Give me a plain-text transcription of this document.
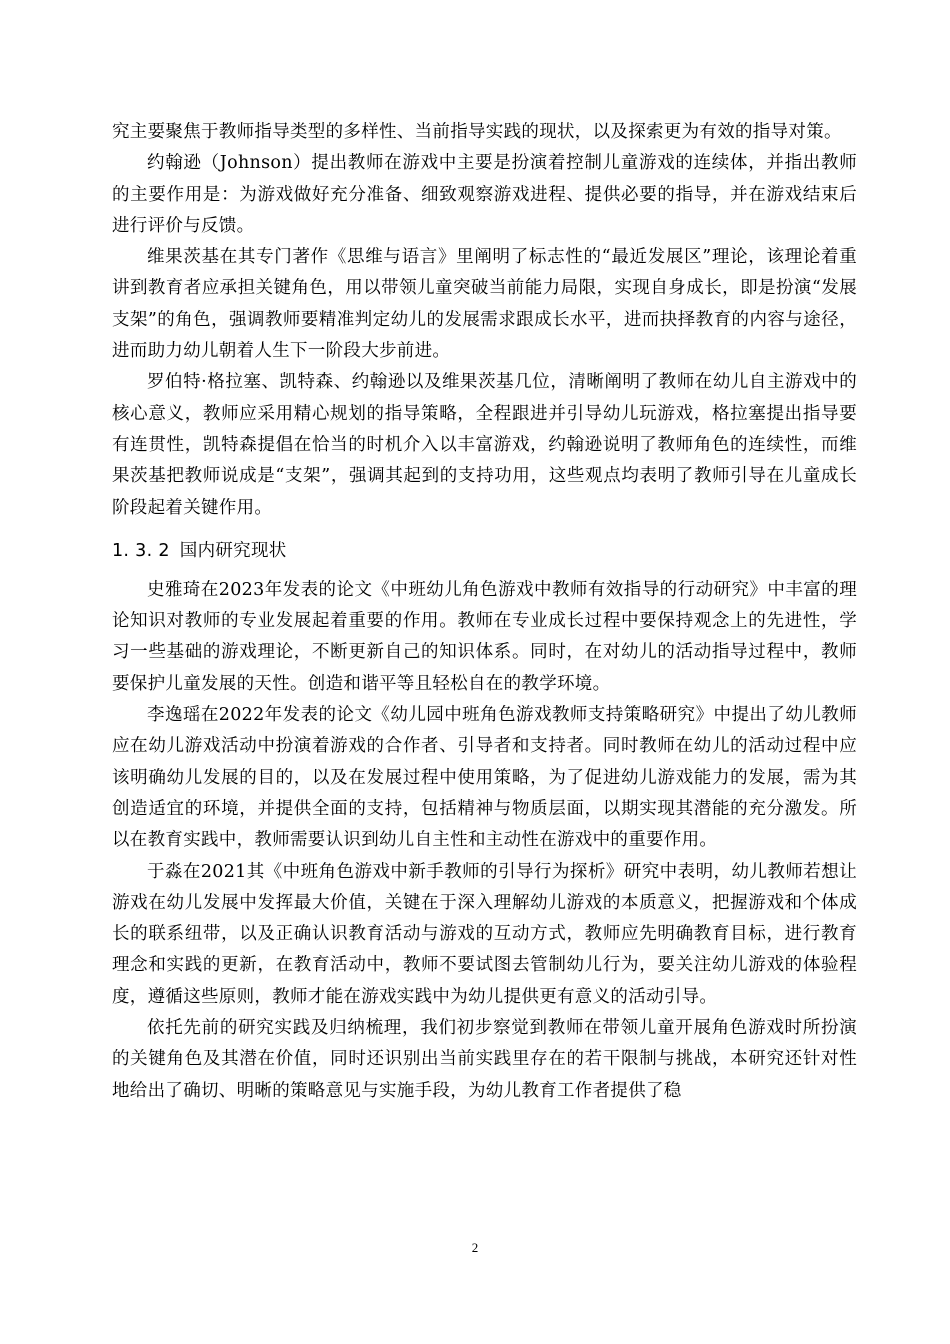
究主要聚焦于教师指导类型的多样性、当前指导实践的现状，以及探索更为有效的指导对策。

约翰逊（Johnson）提出教师在游戏中主要是扮演着控制儿童游戏的连续体，并指出教师的主要作用是：为游戏做好充分准备、细致观察游戏进程、提供必要的指导，并在游戏结束后进行评价与反馈。

维果茨基在其专门著作《思维与语言》里阐明了标志性的“最近发展区”理论，该理论着重讲到教育者应承担关键角色，用以带领儿童突破当前能力局限，实现自身成长，即是扮演“发展支架”的角色，强调教师要精准判定幼儿的发展需求跟成长水平，进而抉择教育的内容与途径，进而助力幼儿朝着人生下一阶段大步前进。

罗伯特·格拉塞、凯特森、约翰逊以及维果茨基几位，清晰阐明了教师在幼儿自主游戏中的核心意义，教师应采用精心规划的指导策略，全程跟进并引导幼儿玩游戏，格拉塞提出指导要有连贯性，凯特森提倡在恰当的时机介入以丰富游戏，约翰逊说明了教师角色的连续性，而维果茨基把教师说成是“支架”，强调其起到的支持功用，这些观点均表明了教师引导在儿童成长阶段起着关键作用。

1. 3. 2 国内研究现状

史雅琦在2023年发表的论文《中班幼儿角色游戏中教师有效指导的行动研究》中丰富的理论知识对教师的专业发展起着重要的作用。教师在专业成长过程中要保持观念上的先进性，学习一些基础的游戏理论，不断更新自己的知识体系。同时，在对幼儿的活动指导过程中，教师要保护儿童发展的天性。创造和谐平等且轻松自在的教学环境。

李逸瑶在2022年发表的论文《幼儿园中班角色游戏教师支持策略研究》中提出了幼儿教师应在幼儿游戏活动中扮演着游戏的合作者、引导者和支持者。同时教师在幼儿的活动过程中应该明确幼儿发展的目的，以及在发展过程中使用策略，为了促进幼儿游戏能力的发展，需为其创造适宜的环境，并提供全面的支持，包括精神与物质层面，以期实现其潜能的充分激发。所以在教育实践中，教师需要认识到幼儿自主性和主动性在游戏中的重要作用。

于淼在2021其《中班角色游戏中新手教师的引导行为探析》研究中表明，幼儿教师若想让游戏在幼儿发展中发挥最大价值，关键在于深入理解幼儿游戏的本质意义，把握游戏和个体成长的联系纽带，以及正确认识教育活动与游戏的互动方式，教师应先明确教育目标，进行教育理念和实践的更新，在教育活动中，教师不要试图去管制幼儿行为，要关注幼儿游戏的体验程度，遵循这些原则，教师才能在游戏实践中为幼儿提供更有意义的活动引导。

依托先前的研究实践及归纳梳理，我们初步察觉到教师在带领儿童开展角色游戏时所扮演的关键角色及其潜在价值，同时还识别出当前实践里存在的若干限制与挑战，本研究还针对性地给出了确切、明晰的策略意见与实施手段，为幼儿教育工作者提供了稳

2
